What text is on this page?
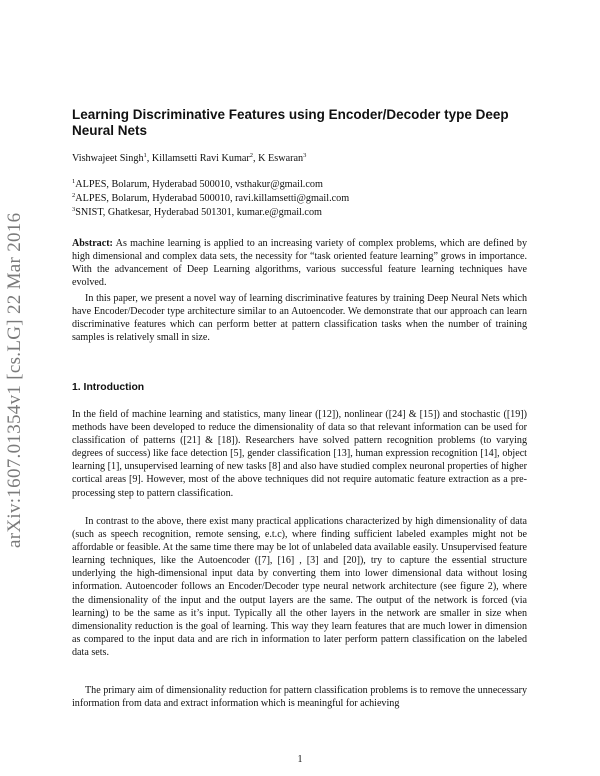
arXiv:1607.01354v1 [cs.LG] 22 Mar 2016
Learning Discriminative Features using Encoder/Decoder type Deep Neural Nets
Vishwajeet Singh$^1$, Killamsetti Ravi Kumar$^2$, K Eswaran$^3$
$^1$ALPES, Bolarum, Hyderabad 500010, vsthakur@gmail.com
$^2$ALPES, Bolarum, Hyderabad 500010, ravi.killamsetti@gmail.com
$^3$SNIST, Ghatkesar, Hyderabad 501301, kumar.e@gmail.com
Abstract: As machine learning is applied to an increasing variety of complex problems, which are defined by high dimensional and complex data sets, the necessity for “task oriented feature learning” grows in importance. With the advancement of Deep Learning algorithms, various successful feature learning techniques have evolved.
In this paper, we present a novel way of learning discriminative features by training Deep Neural Nets which have Encoder/Decoder type architecture similar to an Autoencoder. We demonstrate that our approach can learn discriminative features which can perform better at pattern classification tasks when the number of training samples is relatively small in size.
1. Introduction
In the field of machine learning and statistics, many linear ([12]), nonlinear ([24] & [15]) and stochastic ([19]) methods have been developed to reduce the dimensionality of data so that relevant information can be used for classification of patterns ([21] & [18]). Researchers have solved pattern recognition problems (to varying degrees of success) like face detection [5], gender classification [13], human expression recognition [14], object learning [1], unsupervised learning of new tasks [8] and also have studied complex neuronal properties of higher cortical areas [9]. However, most of the above techniques did not require automatic feature extraction as a pre-processing step to pattern classification.
In contrast to the above, there exist many practical applications characterized by high dimensionality of data (such as speech recognition, remote sensing, e.t.c), where finding sufficient labeled examples might not be affordable or feasible. At the same time there may be lot of unlabeled data available easily. Unsupervised feature learning techniques, like the Autoencoder ([7], [16] , [3] and [20]), try to capture the essential structure underlying the high-dimensional input data by converting them into lower dimensional data without losing information. Autoencoder follows an Encoder/Decoder type neural network architecture (see figure 2), where the dimensionality of the input and the output layers are the same. The output of the network is forced (via learning) to be the same as it’s input. Typically all the other layers in the network are smaller in size when dimensionality reduction is the goal of learning. This way they learn features that are much lower in dimension as compared to the input data and are rich in information to later perform pattern classification on the labeled data sets.
The primary aim of dimensionality reduction for pattern classification problems is to remove the unnecessary information from data and extract information which is meaningful for achieving
1
